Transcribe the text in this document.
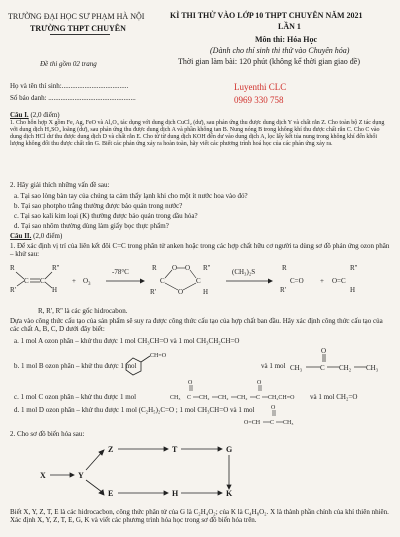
TRƯỜNG ĐẠI HỌC SƯ PHẠM HÀ NỘI
TRƯỜNG THPT CHUYÊN
KÌ THI THỬ VÀO LỚP 10 THPT CHUYÊN NĂM 2021
LẦN 1
Môn thi: Hóa Học
(Dành cho thí sinh thi thử vào Chuyên hóa)
Thời gian làm bài: 120 phút (không kể thời gian giao đề)
Đề thi gồm 02 trang
Họ và tên thí sinh:......................................
Số báo danh: ..................................................
Luyenthi CLC
0969 330 758
Câu I. (2,0 điểm)
1. Cho hỗn hợp X gồm Fe, Ag, FeO và Al₂O₃ tác dụng với dung dịch CuCl₂ (dư), sau phản ứng thu được dung dịch Y và chất rắn Z. Cho toàn bộ Z tác dụng với dung dịch H₂SO₄ loãng (dư), sau phản ứng thu được dung dịch A và phần không tan B. Nung nóng B trong không khí thu được chất rắn C. Cho C vào dung dịch HCl dư thu được dung dịch D và chất rắn E. Cho từ từ dung dịch KOH đến dư vào dung dịch A, lọc lấy kết tủa nung trong không khí đến khối lượng không đổi thu được chất rắn G. Biết các phản ứng xảy ra hoàn toàn, hãy viết các phương trình hoá học của các phản ứng xảy ra.
2. Hãy giải thích những vấn đề sau:
a. Tại sao lòng bàn tay của chúng ta cảm thấy lạnh khi cho một ít nước hoa vào đó?
b. Tại sao photpho trắng thường được bảo quản trong nước?
c. Tại sao kali kim loại (K) thường được bảo quản trong dầu hỏa?
d. Tại sao nhôm thường dùng làm giấy bọc thực phẩm?
Câu II. (2,0 điểm)
1. Để xác định vị trí của liên kết đôi C=C trong phân tử anken hoặc trong các hợp chất hữu cơ người ta dùng sơ đồ phản ứng ozon phân – khử sau:
R
R'
C C
R''
H
+ O 3
-78°C	R
R'
C
O O
O
C
R''
H
(CH₃)₂S	R
R'
C=O + O=C
R''
H
R, R', R'' là các gốc hidrocabon.
Dựa vào công thức cấu tạo của sản phẩm sẽ suy ra được công thức cấu tạo của hợp chất ban đầu. Hãy xác định công thức cấu tạo của các chất A, B, C, D dưới đây biết:
a. 1 mol A ozon phân – khử thu được 1 mol CH₃CH=O và 1 mol CH₃CH₂CH=O
CH=O
b. 1 mol B ozon phân – khử thu được 1 mol	và 1 mol CH₃	C
O
CH₂ CH₃
c. 1 mol C ozon phân – khử thu được 1 mol	CH₃ C
O
CH₂ CH₂ CH₂ C
O
CH₂CH=O và 1 mol CH₂=O
d. 1 mol D ozon phân – khử thu được 1 mol (C₂H₅)₂C=O ; 1 mol CH₃CH=O và 1 mol
O=CH C
O
CH₃
2. Cho sơ đồ biến hóa sau:
X	Y
Z	T	G
E	H	K
Biết X, Y, Z, T, E là các hidrocacbon, công thức phân tử của G là C₂H₄O₂; của K là C₄H₈O₂. X là thành phần chính của khí thiên nhiên. Xác định X, Y, Z, T, E, G, K và viết các phương trình hóa học trong sơ đồ biến hóa trên.
